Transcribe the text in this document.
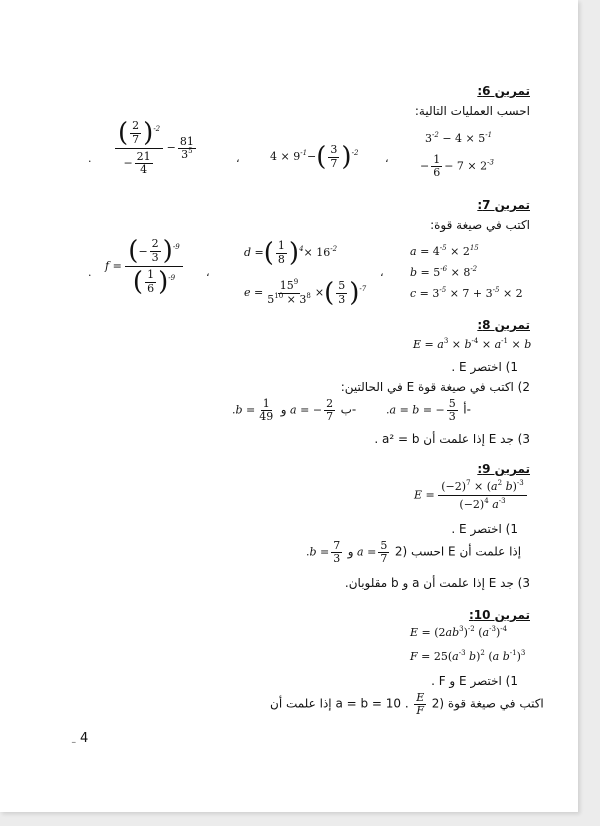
تمرين 6:
احسب العمليات التالية:
$3^{-2} - 4 \times 5^{-1}$
− $\frac{1}{6} - 7 \times 2^{-3}$
،
$4 \times 9^{-1}-$ ( $\frac{3}{7}$ ) $^{-2}$
،
$\frac{( \frac{2}{7} ) ^{-2}}{- \frac{21}{4}} - \frac{81}{3^5}$
.
تمرين 7:
اكتب في صيغة قوة:
$a = 4^{-5} \times 2^{15}$
$b = 5^{-6} \times 8^{-2}$
$c = 3^{-5} \times 7 + 3^{-5} \times 2$
،
d = ( $\frac{1}{8}$ ) $^4\times 16^{-2}$
$e = \frac{15^9}{5^{10} \times 3^8}$ × ( $\frac{5}{3}$ ) $^{-7}$
،
$f = \frac{( - \frac{2}{3} ) ^{-9}}{( \frac{1}{6} ) ^{-9}}$
.
تمرين 8:
$E = a^3 \times b^{-4} \times a^{-1} \times b$
1) اختصر E .
2) اكتب في صيغة قوة E في الحالتين:
.a = b = − $\frac{5}{3}$ أ-
$.b = \frac{1}{49}$ و a = − $\frac{2}{7}$ ب-
3) جد E إذا علمت أن a² = b .
تمرين 9:
$E = \frac{(-2)^7 \times (a^2 b)^{-3}}{(-2)^4 a^{-3}}$
1) اختصر E .
$.b = \frac{7}{3}$ و $a = \frac{5}{7} 2$) احسب E إذا علمت أن
3) جد E إذا علمت أن a و b مقلوبان.
تمرين 10:
$E = (2ab^3)^{-2}$ $(a^{-3})^{-4}$
$F = 25(a^{-3}$ b)$^2$ (a $b^{-1})^3$
1) اختصر E و F .
إذا علمت أن a = b = 10 . $\frac{E}{F} 2$) اكتب في صيغة قوة
ـ 4
